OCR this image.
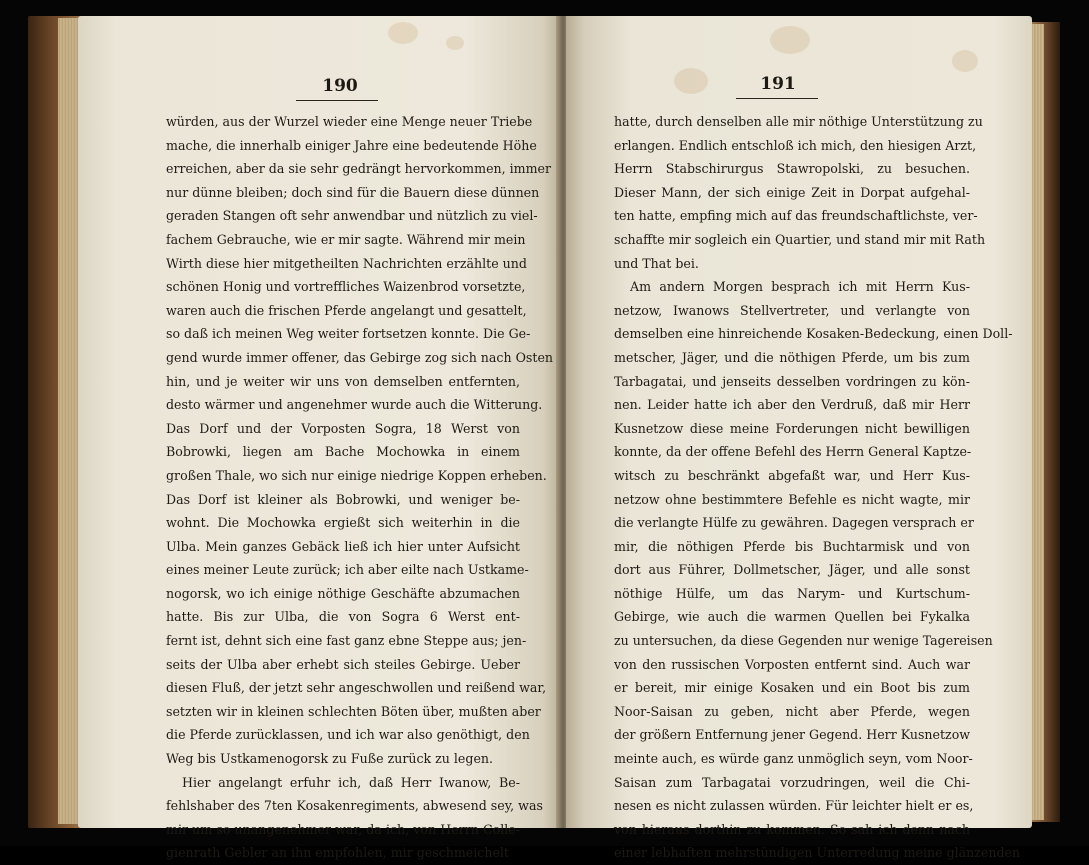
190
würden, aus der Wurzel wieder eine Menge neuer Triebe
mache, die innerhalb einiger Jahre eine bedeutende Höhe
erreichen, aber da sie sehr gedrängt hervorkommen, immer
nur dünne bleiben; doch sind für die Bauern diese dünnen
geraden Stangen oft sehr anwendbar und nützlich zu viel-
fachem Gebrauche, wie er mir sagte. Während mir mein
Wirth diese hier mitgetheilten Nachrichten erzählte und
schönen Honig und vortreffliches Waizenbrod vorsetzte,
waren auch die frischen Pferde angelangt und gesattelt,
so daß ich meinen Weg weiter fortsetzen konnte. Die Ge-
gend wurde immer offener, das Gebirge zog sich nach Osten
hin, und je weiter wir uns von demselben entfernten,
desto wärmer und angenehmer wurde auch die Witterung.
Das Dorf und der Vorposten Sogra, 18 Werst von
Bobrowki, liegen am Bache Mochowka in einem
großen Thale, wo sich nur einige niedrige Koppen erheben.
Das Dorf ist kleiner als Bobrowki, und weniger be-
wohnt. Die Mochowka ergießt sich weiterhin in die
Ulba. Mein ganzes Gebäck ließ ich hier unter Aufsicht
eines meiner Leute zurück; ich aber eilte nach Ustkame-
nogorsk, wo ich einige nöthige Geschäfte abzumachen
hatte. Bis zur Ulba, die von Sogra 6 Werst ent-
fernt ist, dehnt sich eine fast ganz ebne Steppe aus; jen-
seits der Ulba aber erhebt sich steiles Gebirge. Ueber
diesen Fluß, der jetzt sehr angeschwollen und reißend war,
setzten wir in kleinen schlechten Böten über, mußten aber
die Pferde zurücklassen, und ich war also genöthigt, den
Weg bis Ustkamenogorsk zu Fuße zurück zu legen.
Hier angelangt erfuhr ich, daß Herr Iwanow, Be-
fehlshaber des 7ten Kosakenregiments, abwesend sey, was
mir um so unangenehmer war, da ich, von Herrn Colle-
gienrath Gebler an ihn empfohlen, mir geschmeichelt
191
hatte, durch denselben alle mir nöthige Unterstützung zu
erlangen. Endlich entschloß ich mich, den hiesigen Arzt,
Herrn Stabschirurgus Stawropolski, zu besuchen.
Dieser Mann, der sich einige Zeit in Dorpat aufgehal-
ten hatte, empfing mich auf das freundschaftlichste, ver-
schaffte mir sogleich ein Quartier, und stand mir mit Rath
und That bei.
Am andern Morgen besprach ich mit Herrn Kus-
netzow, Iwanows Stellvertreter, und verlangte von
demselben eine hinreichende Kosaken-Bedeckung, einen Doll-
metscher, Jäger, und die nöthigen Pferde, um bis zum
Tarbagatai, und jenseits desselben vordringen zu kön-
nen. Leider hatte ich aber den Verdruß, daß mir Herr
Kusnetzow diese meine Forderungen nicht bewilligen
konnte, da der offene Befehl des Herrn General Kaptze-
witsch zu beschränkt abgefaßt war, und Herr Kus-
netzow ohne bestimmtere Befehle es nicht wagte, mir
die verlangte Hülfe zu gewähren. Dagegen versprach er
mir, die nöthigen Pferde bis Buchtarmisk und von
dort aus Führer, Dollmetscher, Jäger, und alle sonst
nöthige Hülfe, um das Narym- und Kurtschum-
Gebirge, wie auch die warmen Quellen bei Fykalka
zu untersuchen, da diese Gegenden nur wenige Tagereisen
von den russischen Vorposten entfernt sind. Auch war
er bereit, mir einige Kosaken und ein Boot bis zum
Noor-Saisan zu geben, nicht aber Pferde, wegen
der größern Entfernung jener Gegend. Herr Kusnetzow
meinte auch, es würde ganz unmöglich seyn, vom Noor-
Saisan zum Tarbagatai vorzudringen, weil die Chi-
nesen es nicht zulassen würden. Für leichter hielt er es,
von hieraus dorthin zu kommen. So sah ich denn nach
einer lebhaften mehrstündigen Unterredung meine glänzenden
